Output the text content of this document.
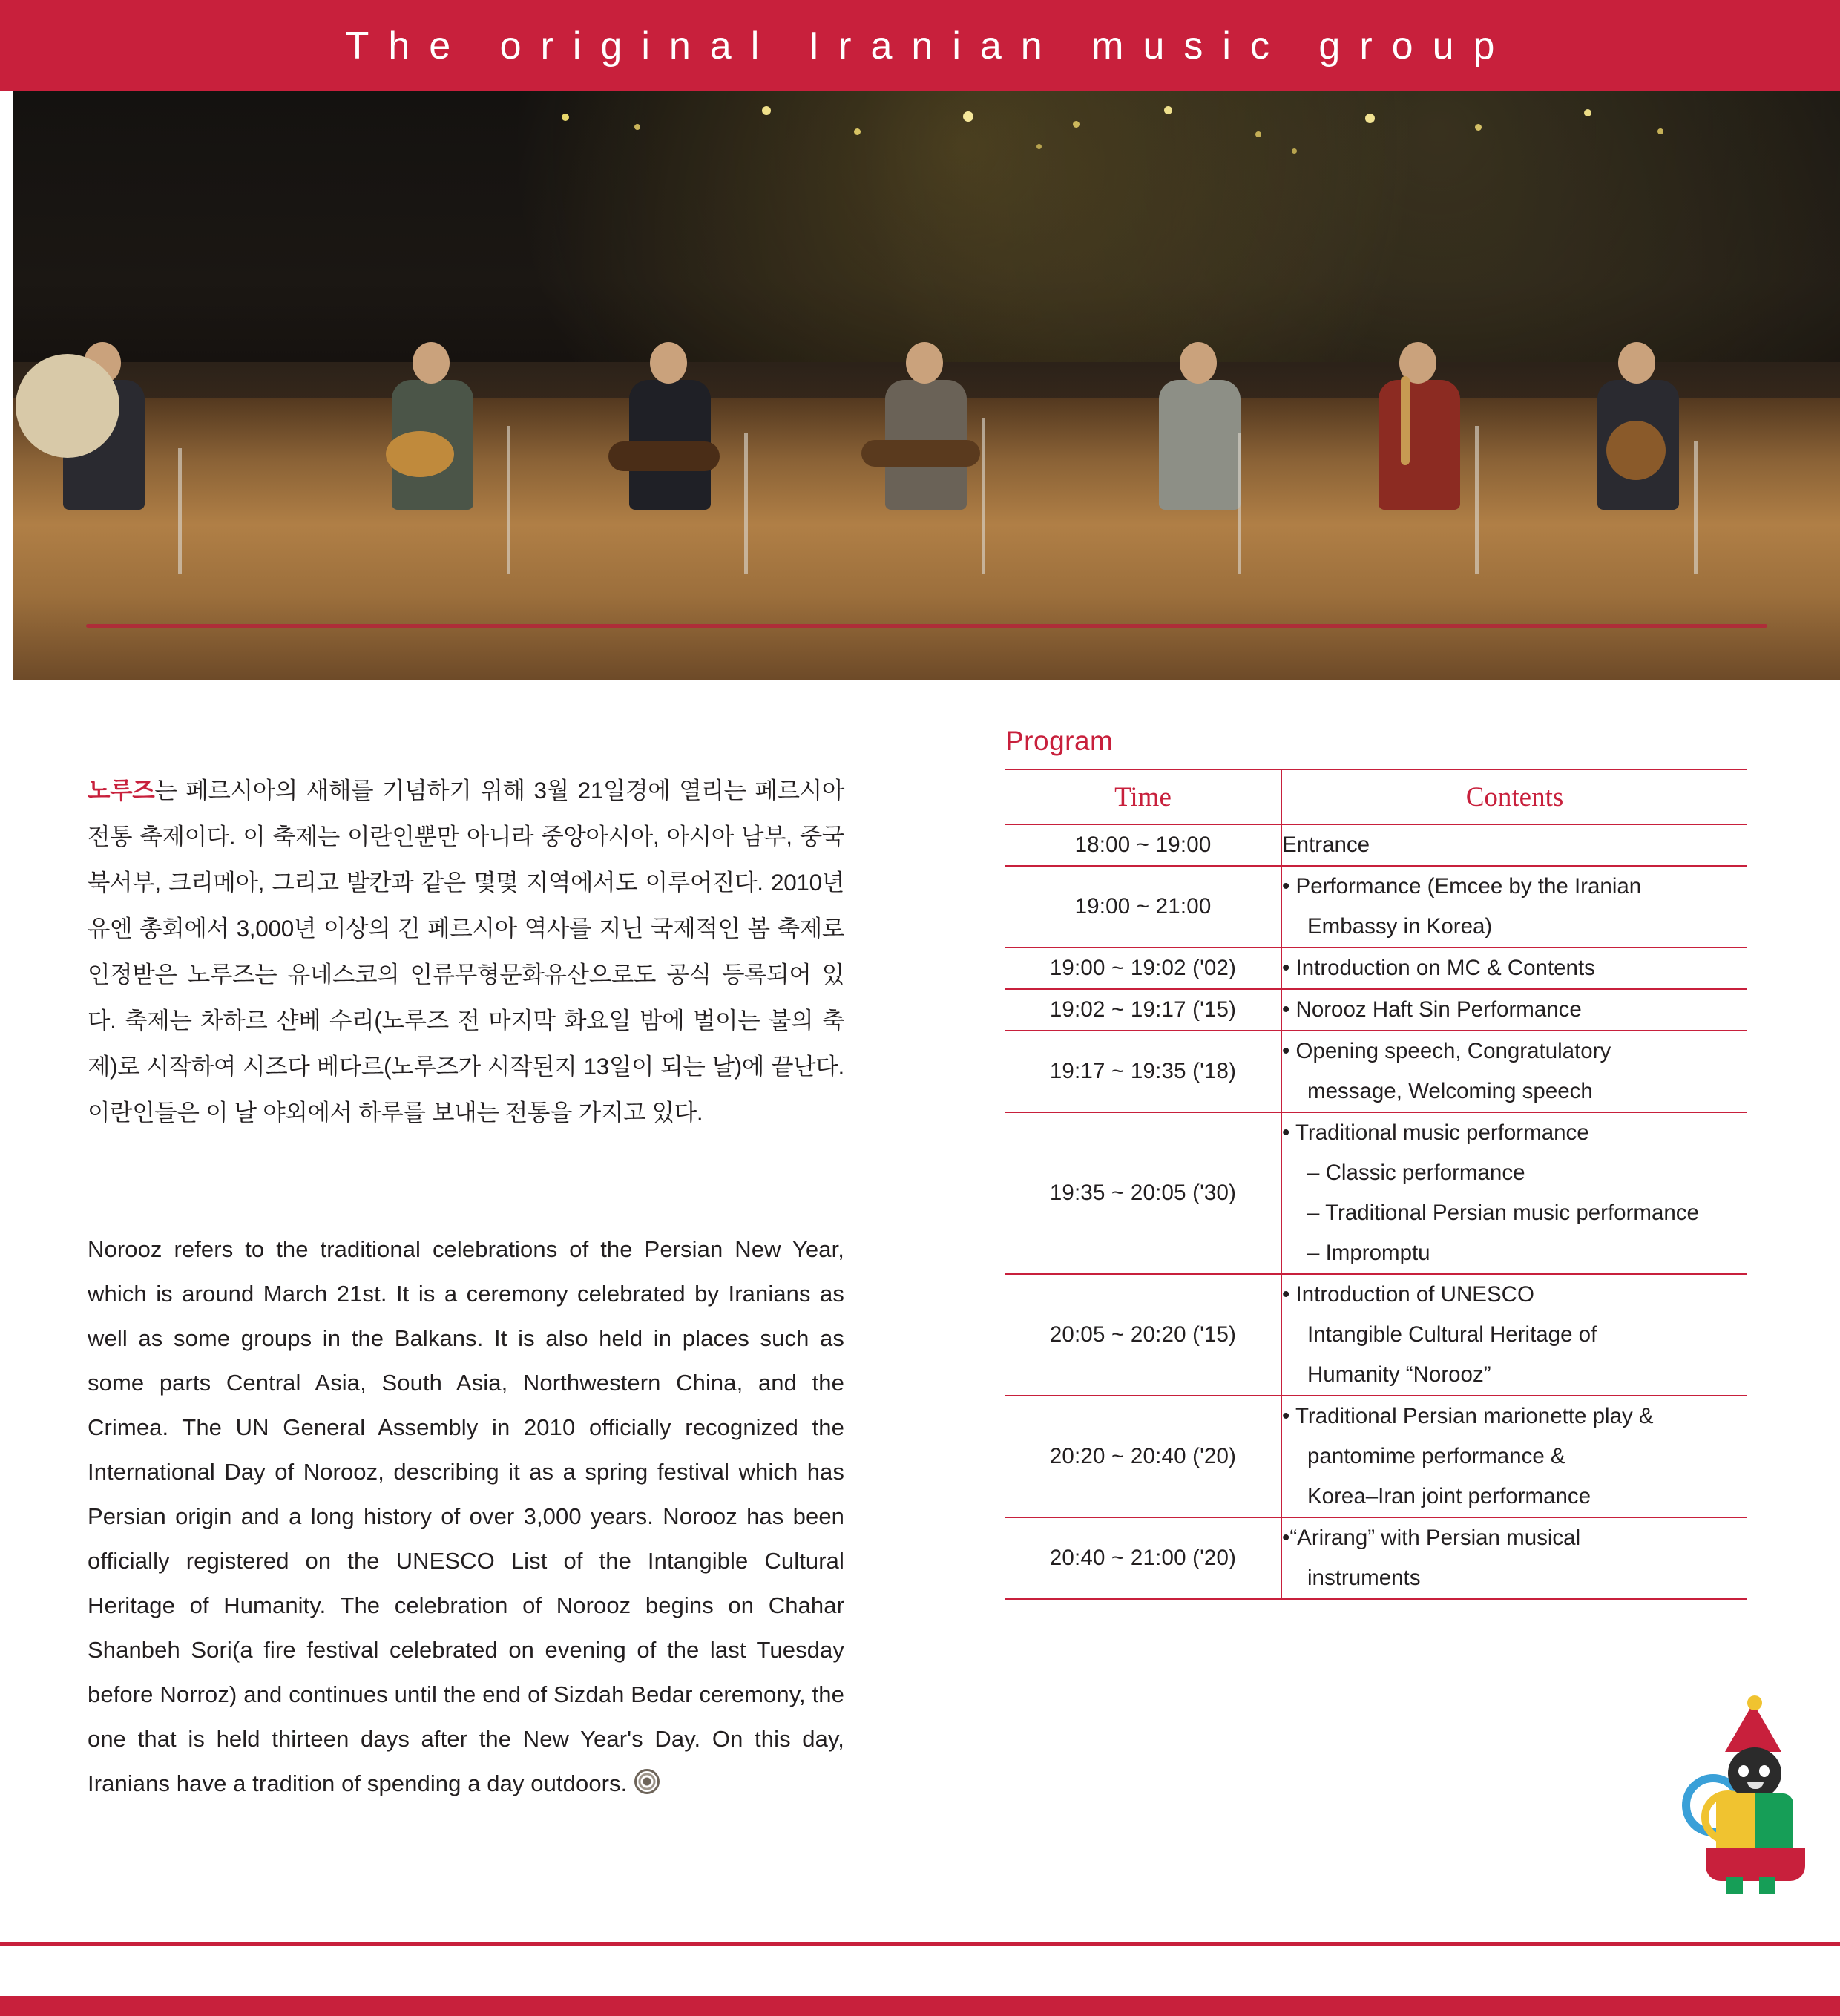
The original Iranian music group

노루즈는 페르시아의 새해를 기념하기 위해 3월 21일경에 열리는 페르시아 전통 축제이다. 이 축제는 이란인뿐만 아니라 중앙아시아, 아시아 남부, 중국 북서부, 크리메아, 그리고 발칸과 같은 몇몇 지역에서도 이루어진다. 2010년 유엔 총회에서 3,000년 이상의 긴 페르시아 역사를 지닌 국제적인 봄 축제로 인정받은 노루즈는 유네스코의 인류무형문화유산으로도 공식 등록되어 있다. 축제는 차하르 샨베 수리(노루즈 전 마지막 화요일 밤에 벌이는 불의 축제)로 시작하여 시즈다 베다르(노루즈가 시작된지 13일이 되는 날)에 끝난다. 이란인들은 이 날 야외에서 하루를 보내는 전통을 가지고 있다.

Norooz refers to the traditional celebrations of the Persian New Year, which is around March 21st. It is a ceremony celebrated by Iranians as well as some groups in the Balkans. It is also held in places such as some parts Central Asia, South Asia, Northwestern China, and the Crimea. The UN General Assembly in 2010 officially recognized the International Day of Norooz, describing it as a spring festival which has Persian origin and a long history of over 3,000 years. Norooz has been officially registered on the UNESCO List of the Intangible Cultural Heritage of Humanity. The celebration of Norooz begins on Chahar Shanbeh Sori(a fire festival celebrated on evening of the last Tuesday before Norroz) and continues until the end of Sizdah Bedar ceremony, the one that is held thirteen days after the New Year's Day. On this day, Iranians have a tradition of spending a day outdoors.

Program
Time	Contents
18:00 ~ 19:00	Entrance

19:00 ~ 21:00	• Performance (Emcee by the Iranian
Embassy in Korea)

19:00 ~ 19:02 ('02)	• Introduction on MC & Contents

19:02 ~ 19:17 ('15)	• Norooz Haft Sin Performance

19:17 ~ 19:35 ('18)	• Opening speech, Congratulatory
message, Welcoming speech

19:35 ~ 20:05 ('30)	• Traditional music performance
– Classic performance
– Traditional Persian music performance
– Impromptu

20:05 ~ 20:20 ('15)	• Introduction of UNESCO
Intangible Cultural Heritage of
Humanity “Norooz”

20:20 ~ 20:40 ('20)	• Traditional Persian marionette play &
pantomime performance &
Korea–Iran joint performance

20:40 ~ 21:00 ('20)	•“Arirang” with Persian musical
instruments
